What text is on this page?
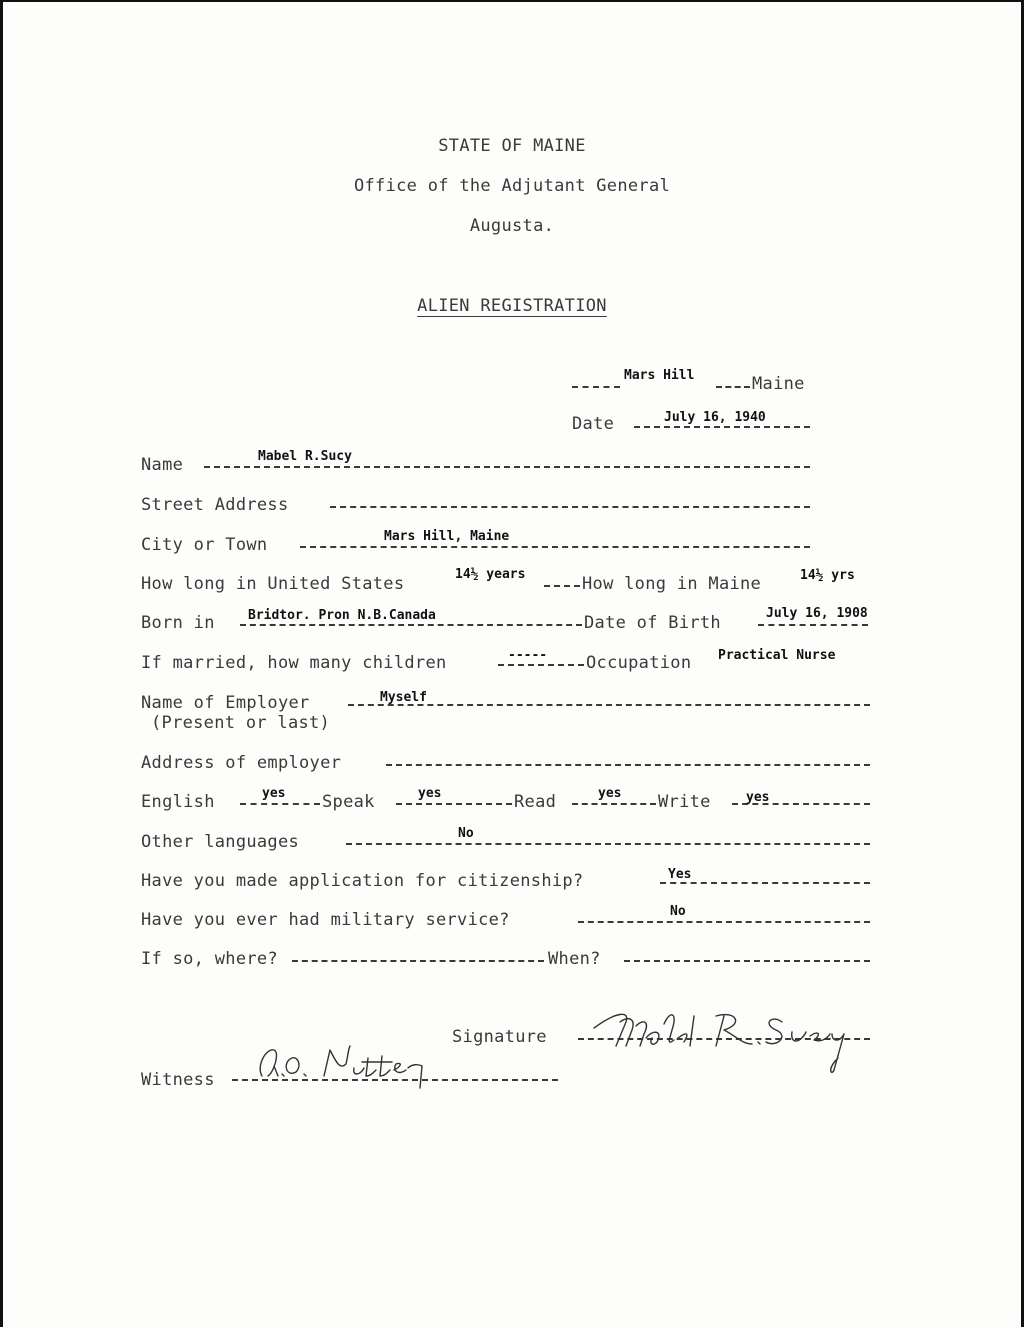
STATE OF MAINE
Office of the Adjutant General
Augusta.
ALIEN REGISTRATION
Mars Hill	Maine
Date	July 16, 1940
Name	Mabel R.Sucy
Street Address
City or Town	Mars Hill, Maine
How long in United States	14½ years	How long in Maine	14½ yrs
Born in	Bridtor. Pron N.B.Canada	Date of Birth	July 16, 1908
If married, how many children	----- Occupation Practical Nurse
Name of Employer	Myself
(Present or last)
Address of employer
English	yes Speak	yes	Read	yes Write	yes
Other languages	No
Have you made application for citizenship?	Yes
Have you ever had military service?	No
If so, where?	When?
Signature
Witness
